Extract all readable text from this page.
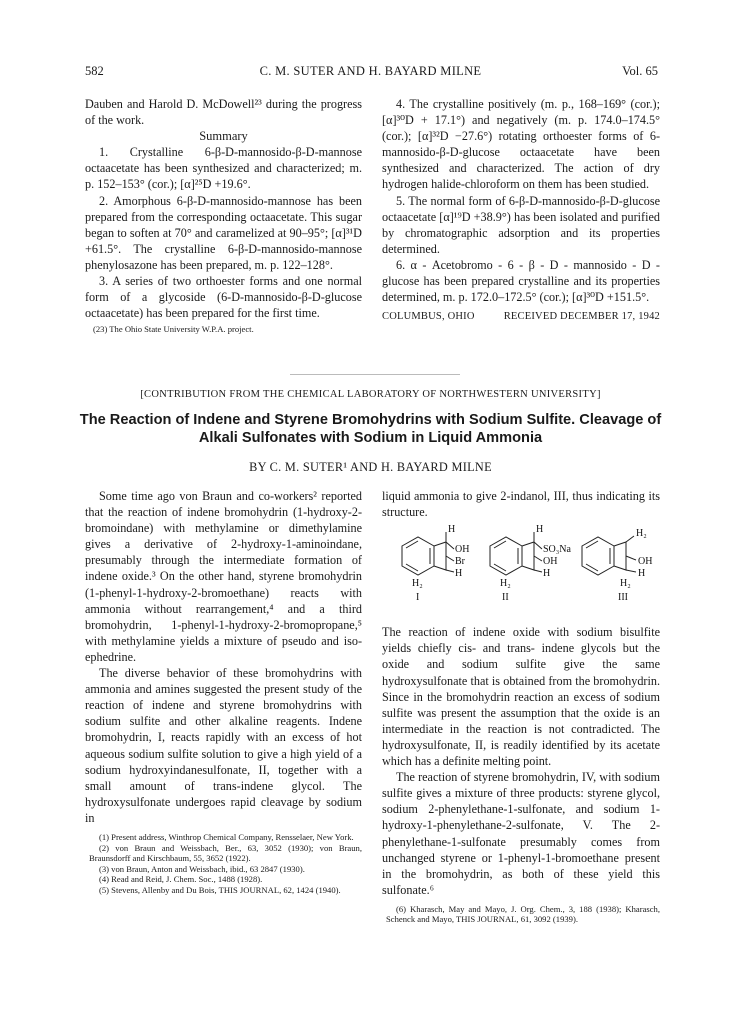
582	C. M. SUTER AND H. BAYARD MILNE	Vol. 65

Dauben and Harold D. McDowell²³ during the progress of the work.

Summary

1. Crystalline 6-β-D-mannosido-β-D-mannose octaacetate has been synthesized and characterized; m. p. 152–153° (cor.); [α]²⁵D +19.6°.

2. Amorphous 6-β-D-mannosido-mannose has been prepared from the corresponding octaacetate. This sugar began to soften at 70° and caramelized at 90–95°; [α]³¹D +61.5°. The crystalline 6-β-D-mannosido-mannose phenylosazone has been prepared, m. p. 122–128°.

3. A series of two orthoester forms and one normal form of a glycoside (6-D-mannosido-β-D-glucose octaacetate) has been prepared for the first time.

(23) The Ohio State University W.P.A. project.

4. The crystalline positively (m. p., 168–169° (cor.); [α]³⁰D + 17.1°) and negatively (m. p. 174.0–174.5° (cor.); [α]³²D −27.6°) rotating orthoester forms of 6-mannosido-β-D-glucose octaacetate have been synthesized and characterized. The action of dry hydrogen halide-chloroform on them has been studied.

5. The normal form of 6-β-D-mannosido-β-D-glucose octaacetate [α]¹⁹D +38.9°) has been isolated and purified by chromatographic adsorption and its properties determined.

6. α - Acetobromo - 6 - β - D - mannosido - D - glucose has been prepared crystalline and its properties determined, m. p. 172.0–172.5° (cor.); [α]³⁰D +151.5°.

COLUMBUS, OHIO	RECEIVED DECEMBER 17, 1942
[CONTRIBUTION FROM THE CHEMICAL LABORATORY OF NORTHWESTERN UNIVERSITY]
The Reaction of Indene and Styrene Bromohydrins with Sodium Sulfite. Cleavage of Alkali Sulfonates with Sodium in Liquid Ammonia
BY C. M. SUTER¹ AND H. BAYARD MILNE

Some time ago von Braun and co-workers² reported that the reaction of indene bromohydrin (1-hydroxy-2-bromoindane) with methylamine or dimethylamine gives a derivative of 2-hydroxy-1-aminoindane, presumably through the intermediate formation of indene oxide.³ On the other hand, styrene bromohydrin (1-phenyl-1-hydroxy-2-bromoethane) reacts with ammonia without rearrangement,⁴ and a third bromohydrin, 1-phenyl-1-hydroxy-2-bromopropane,⁵ with methylamine yields a mixture of pseudo and iso-ephedrine.

The diverse behavior of these bromohydrins with ammonia and amines suggested the present study of the reaction of indene and styrene bromohydrins with sodium sulfite and other alkaline reagents. Indene bromohydrin, I, reacts rapidly with an excess of hot aqueous sodium sulfite solution to give a high yield of a sodium hydroxyindanesulfonate, II, together with a small amount of trans-indene glycol. The hydroxysulfonate undergoes rapid cleavage by sodium in

(1) Present address, Winthrop Chemical Company, Rensselaer, New York.

(2) von Braun and Weissbach, Ber., 63, 3052 (1930); von Braun, Braunsdorff and Kirschbaum, 55, 3652 (1922).

(3) von Braun, Anton and Weissbach, ibid., 63 2847 (1930).

(4) Read and Reid, J. Chem. Soc., 1488 (1928).

(5) Stevens, Allenby and Du Bois, THIS JOURNAL, 62, 1424 (1940).

liquid ammonia to give 2-indanol, III, thus indicating its structure.

H
OH
Br
H
H₂
I
H
SO₃Na
OH
H
H₂
II
H₂
OH
H
H₂
III

The reaction of indene oxide with sodium bisulfite yields chiefly cis- and trans- indene glycols but the oxide and sodium sulfite give the same hydroxysulfonate that is obtained from the bromohydrin. Since in the bromohydrin reaction an excess of sodium sulfite was present the assumption that the oxide is an intermediate in the reaction is not contradicted. The hydroxysulfonate, II, is readily identified by its acetate which has a definite melting point.

The reaction of styrene bromohydrin, IV, with sodium sulfite gives a mixture of three products: styrene glycol, sodium 2-phenylethane-1-sulfonate, and sodium 1-hydroxy-1-phenylethane-2-sulfonate, V. The 2-phenylethane-1-sulfonate presumably comes from unchanged styrene or 1-phenyl-1-bromoethane present in the bromohydrin, as both of these yield this sulfonate.⁶

(6) Kharasch, May and Mayo, J. Org. Chem., 3, 188 (1938); Kharasch, Schenck and Mayo, THIS JOURNAL, 61, 3092 (1939).
